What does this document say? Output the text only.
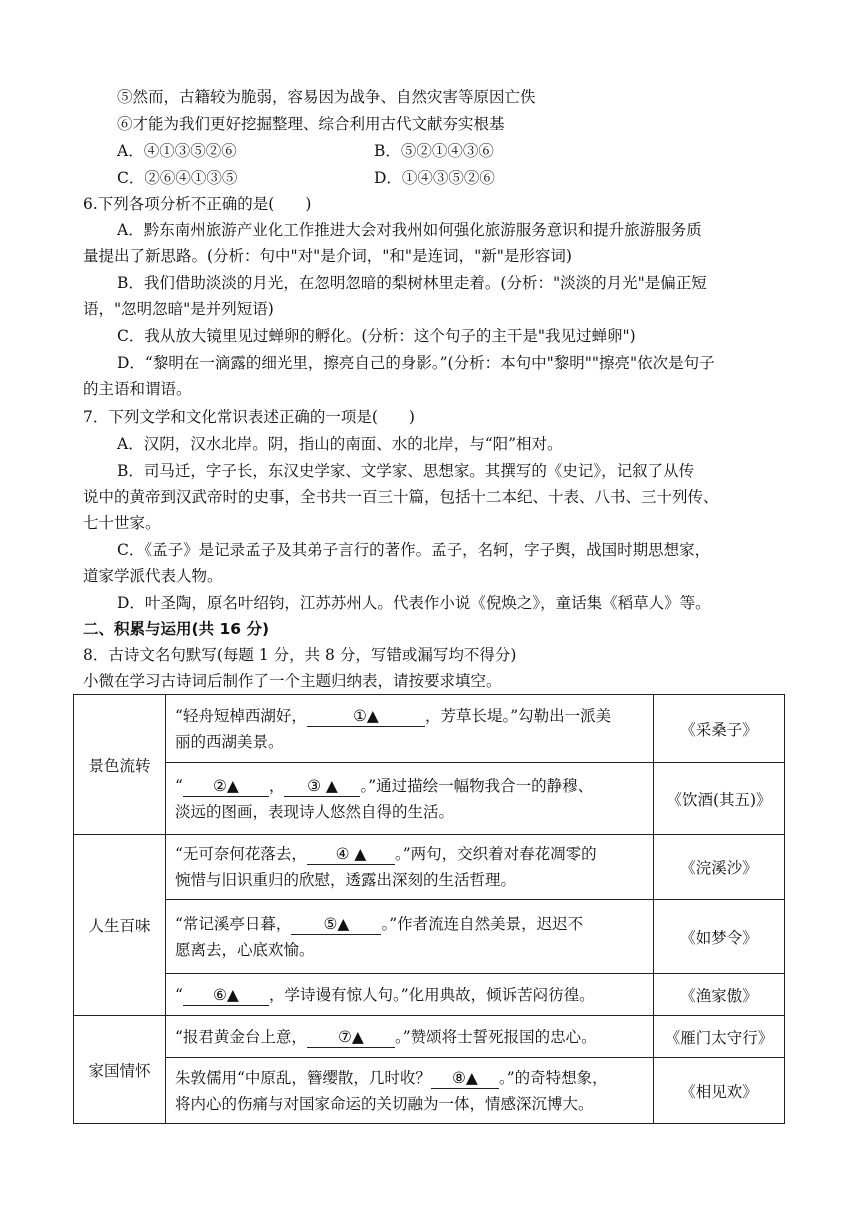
⑤然而，古籍较为脆弱，容易因为战争、自然灾害等原因亡佚
⑥才能为我们更好挖掘整理、综合利用古代文献夯实根基
A．④①③⑤②⑥	B．⑤②①④③⑥
C．②⑥④①③⑤	D．①④③⑤②⑥
6.下列各项分析不正确的是(　　)
A．黔东南州旅游产业化工作推进大会对我州如何强化旅游服务意识和提升旅游服务质
量提出了新思路。(分析：句中"对"是介词，"和"是连词，"新"是形容词)
B．我们借助淡淡的月光，在忽明忽暗的梨树林里走着。(分析："淡淡的月光"是偏正短
语，"忽明忽暗"是并列短语)
C．我从放大镜里见过蝉卵的孵化。(分析：这个句子的主干是"我见过蝉卵")
D．“黎明在一滴露的细光里，擦亮自己的身影。”(分析：本句中"黎明""擦亮"依次是句子
的主语和谓语。
7．下列文学和文化常识表述正确的一项是(　　)
A．汉阴，汉水北岸。阴，指山的南面、水的北岸，与“阳”相对。
B．司马迁，字子长，东汉史学家、文学家、思想家。其撰写的《史记》，记叙了从传
说中的黄帝到汉武帝时的史事，全书共一百三十篇，包括十二本纪、十表、八书、三十列传、
七十世家。
C．《孟子》是记录孟子及其弟子言行的著作。孟子，名轲，字子舆，战国时期思想家，
道家学派代表人物。
D．叶圣陶，原名叶绍钧，江苏苏州人。代表作小说《倪焕之》，童话集《稻草人》等。
二、积累与运用(共 16 分)
8．古诗文名句默写(每题 1 分，共 8 分，写错或漏写均不得分)
小微在学习古诗词后制作了一个主题归纳表，请按要求填空。
景色流转	“轻舟短棹西湖好， ①▲ ，芳草长堤。”勾勒出一派美
丽的西湖美景。	《采桑子》
	“ ②▲ ， ③ ▲ 。”通过描绘一幅物我合一的静穆、
淡远的图画，表现诗人悠然自得的生活。	《饮酒(其五)》
人生百味	“无可奈何花落去， ④ ▲ 。”两句，交织着对春花凋零的
惋惜与旧识重归的欣慰，透露出深刻的生活哲理。	《浣溪沙》
	“常记溪亭日暮， ⑤▲ 。”作者流连自然美景，迟迟不
愿离去，心底欢愉。	《如梦令》
	“ ⑥▲ ，学诗谩有惊人句。”化用典故，倾诉苦闷彷徨。	《渔家傲》
家国情怀	“报君黄金台上意， ⑦▲ 。”赞颂将士誓死报国的忠心。	《雁门太守行》
	朱敦儒用“中原乱，簪缨散，几时收？ ⑧▲ 。”的奇特想象，
将内心的伤痛与对国家命运的关切融为一体，情感深沉博大。	《相见欢》
